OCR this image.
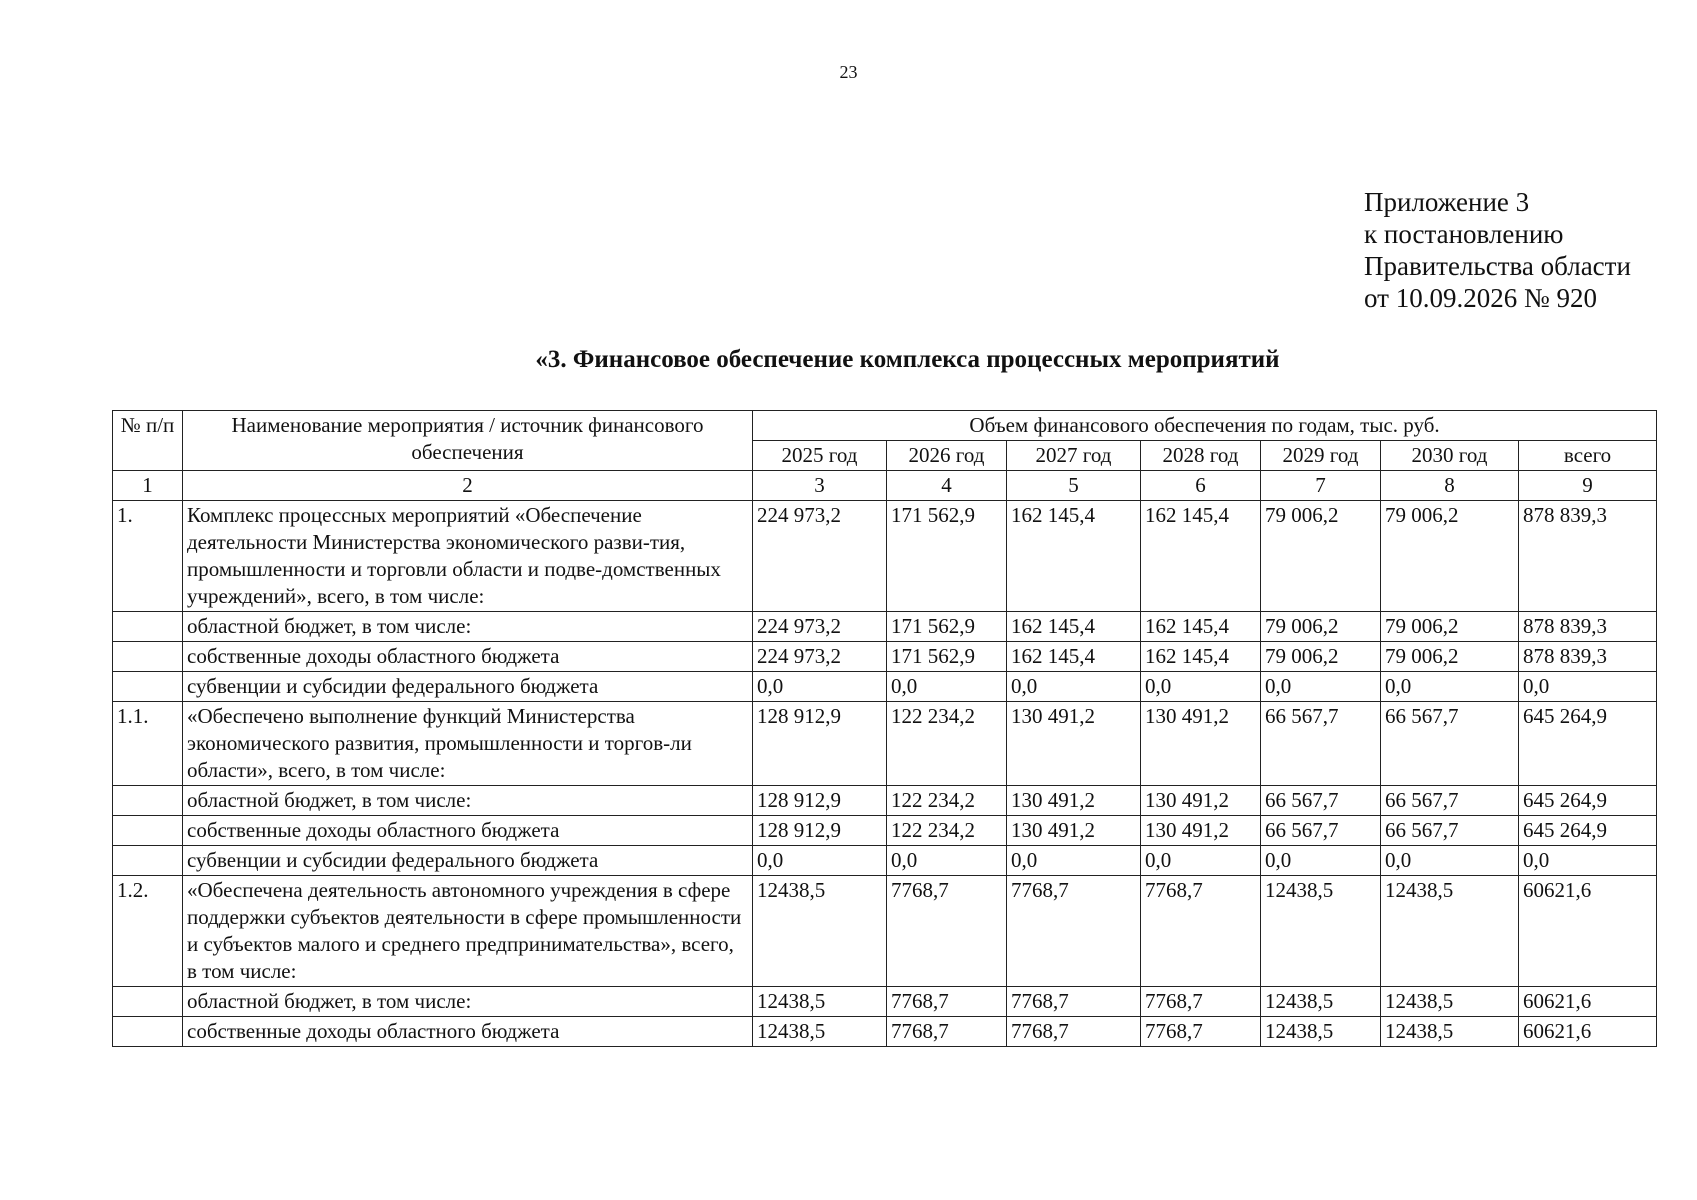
23
Приложение 3
к постановлению
Правительства области
от 10.09.2026 № 920
«3. Финансовое обеспечение комплекса процессных мероприятий
№ п/п	Наименование мероприятия / источник финансового обеспечения	Объем финансового обеспечения по годам, тыс. руб.						
		2025 год	2026 год	2027 год	2028 год	2029 год	2030 год	всего
1	2	3	4	5	6	7	8	9
1.	Комплекс процессных мероприятий «Обеспечение деятельности Министерства экономического разви-тия, промышленности и торговли области и подве-домственных учреждений», всего, в том числе:	224 973,2	171 562,9	162 145,4	162 145,4	79 006,2	79 006,2	878 839,3
	областной бюджет, в том числе:	224 973,2	171 562,9	162 145,4	162 145,4	79 006,2	79 006,2	878 839,3
	собственные доходы областного бюджета	224 973,2	171 562,9	162 145,4	162 145,4	79 006,2	79 006,2	878 839,3
	субвенции и субсидии федерального бюджета	0,0	0,0	0,0	0,0	0,0	0,0	0,0
1.1.	«Обеспечено выполнение функций Министерства экономического развития, промышленности и торгов-ли области», всего, в том числе:	128 912,9	122 234,2	130 491,2	130 491,2	66 567,7	66 567,7	645 264,9
	областной бюджет, в том числе:	128 912,9	122 234,2	130 491,2	130 491,2	66 567,7	66 567,7	645 264,9
	собственные доходы областного бюджета	128 912,9	122 234,2	130 491,2	130 491,2	66 567,7	66 567,7	645 264,9
	субвенции и субсидии федерального бюджета	0,0	0,0	0,0	0,0	0,0	0,0	0,0
1.2.	«Обеспечена деятельность автономного учреждения в сфере поддержки субъектов деятельности в сфере промышленности и субъектов малого и среднего предпринимательства», всего, в том числе:	12438,5	7768,7	7768,7	7768,7	12438,5	12438,5	60621,6
	областной бюджет, в том числе:	12438,5	7768,7	7768,7	7768,7	12438,5	12438,5	60621,6
	собственные доходы областного бюджета	12438,5	7768,7	7768,7	7768,7	12438,5	12438,5	60621,6
